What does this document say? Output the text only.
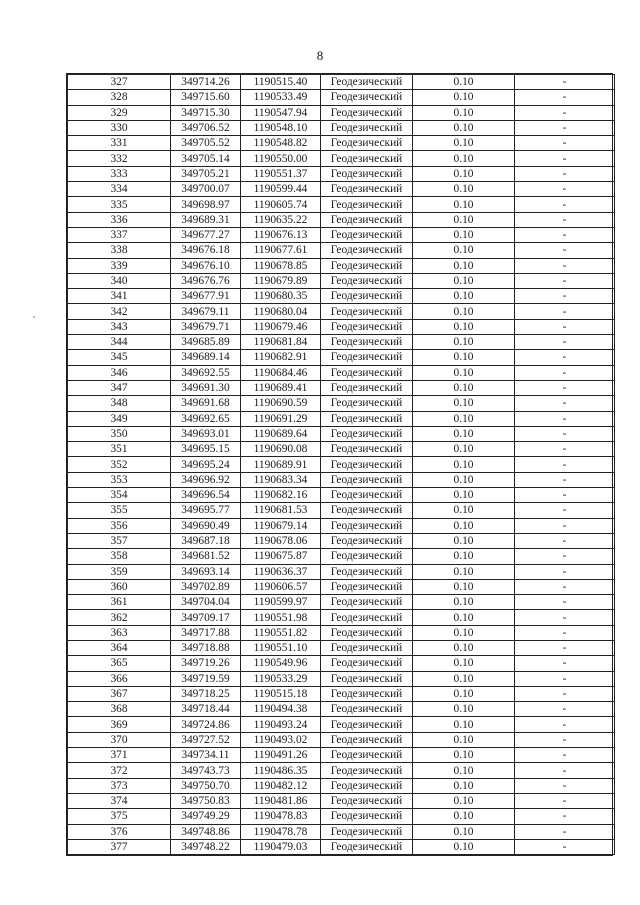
8
327	349714.26	1190515.40	Геодезический	0.10	-
328	349715.60	1190533.49	Геодезический	0.10	-
329	349715.30	1190547.94	Геодезический	0.10	-
330	349706.52	1190548.10	Геодезический	0.10	-
331	349705.52	1190548.82	Геодезический	0.10	-
332	349705.14	1190550.00	Геодезический	0.10	-
333	349705.21	1190551.37	Геодезический	0.10	-
334	349700.07	1190599.44	Геодезический	0.10	-
335	349698.97	1190605.74	Геодезический	0.10	-
336	349689.31	1190635.22	Геодезический	0.10	-
337	349677.27	1190676.13	Геодезический	0.10	-
338	349676.18	1190677.61	Геодезический	0.10	-
339	349676.10	1190678.85	Геодезический	0.10	-
340	349676.76	1190679.89	Геодезический	0.10	-
341	349677.91	1190680.35	Геодезический	0.10	-
342	349679.11	1190680.04	Геодезический	0.10	-
343	349679.71	1190679.46	Геодезический	0.10	-
344	349685.89	1190681.84	Геодезический	0.10	-
345	349689.14	1190682.91	Геодезический	0.10	-
346	349692.55	1190684.46	Геодезический	0.10	-
347	349691.30	1190689.41	Геодезический	0.10	-
348	349691.68	1190690.59	Геодезический	0.10	-
349	349692.65	1190691.29	Геодезический	0.10	-
350	349693.01	1190689.64	Геодезический	0.10	-
351	349695.15	1190690.08	Геодезический	0.10	-
352	349695.24	1190689.91	Геодезический	0.10	-
353	349696.92	1190683.34	Геодезический	0.10	-
354	349696.54	1190682.16	Геодезический	0.10	-
355	349695.77	1190681.53	Геодезический	0.10	-
356	349690.49	1190679.14	Геодезический	0.10	-
357	349687.18	1190678.06	Геодезический	0.10	-
358	349681.52	1190675.87	Геодезический	0.10	-
359	349693.14	1190636.37	Геодезический	0.10	-
360	349702.89	1190606.57	Геодезический	0.10	-
361	349704.04	1190599.97	Геодезический	0.10	-
362	349709.17	1190551.98	Геодезический	0.10	-
363	349717.88	1190551.82	Геодезический	0.10	-
364	349718.88	1190551.10	Геодезический	0.10	-
365	349719.26	1190549.96	Геодезический	0.10	-
366	349719.59	1190533.29	Геодезический	0.10	-
367	349718.25	1190515.18	Геодезический	0.10	-
368	349718.44	1190494.38	Геодезический	0.10	-
369	349724.86	1190493.24	Геодезический	0.10	-
370	349727.52	1190493.02	Геодезический	0.10	-
371	349734.11	1190491.26	Геодезический	0.10	-
372	349743.73	1190486.35	Геодезический	0.10	-
373	349750.70	1190482.12	Геодезический	0.10	-
374	349750.83	1190481.86	Геодезический	0.10	-
375	349749.29	1190478.83	Геодезический	0.10	-
376	349748.86	1190478.78	Геодезический	0.10	-
377	349748.22	1190479.03	Геодезический	0.10	-
